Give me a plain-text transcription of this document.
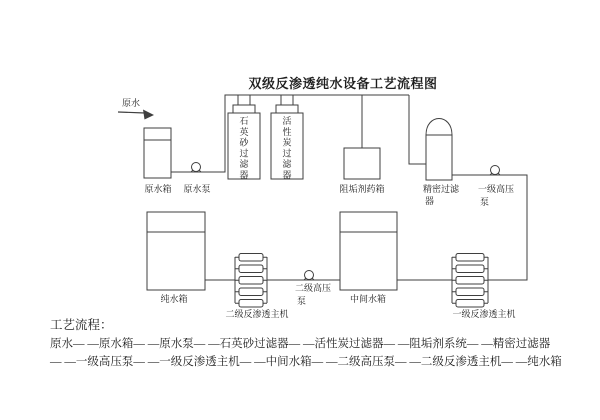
双级反渗透纯水设备工艺流程图
原水
原水箱 原水泵
石
英
砂
过
滤
器
活
性
炭
过
滤
器
阻垢剂药箱	精密过滤
器
一级高压
泵
一级反渗透主机
中间水箱
二级高压
泵
二级反渗透主机
纯水箱
工艺流程：
原水— —原水箱— —原水泵— —石英砂过滤器— —活性炭过滤器— —阻垢剂系统— —精密过滤器
— —一级高压泵— —一级反渗透主机— —中间水箱— —二级高压泵— —二级反渗透主机— —纯水箱
